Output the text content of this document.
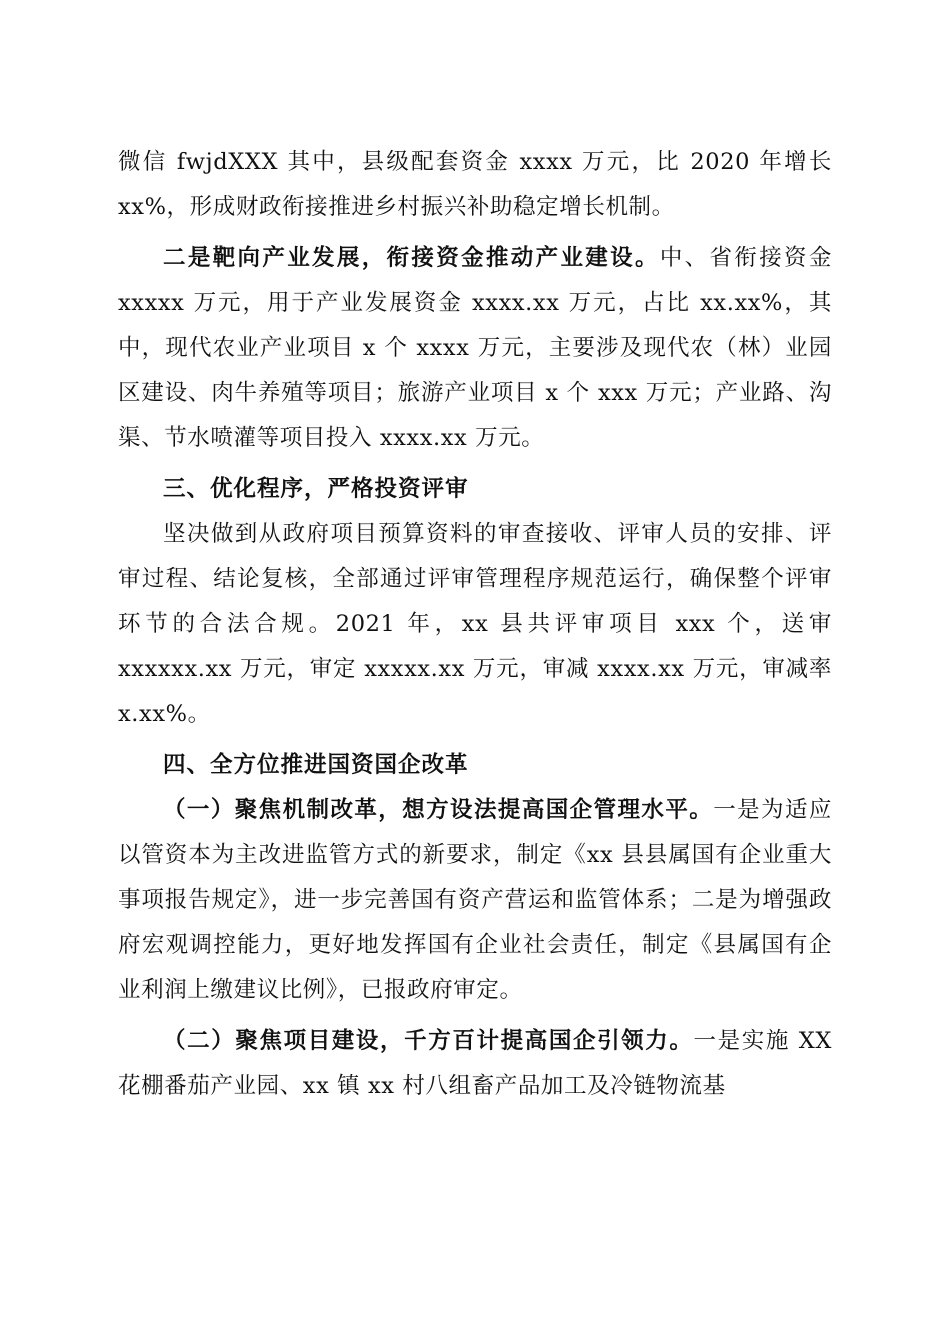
微信 fwjdXXX 其中，县级配套资金 xxxx 万元，比 2020 年增长 xx%，形成财政衔接推进乡村振兴补助稳定增长机制。

二是靶向产业发展，衔接资金推动产业建设。中、省衔接资金 xxxxx 万元，用于产业发展资金 xxxx.xx 万元，占比 xx.xx%，其中，现代农业产业项目 x 个 xxxx 万元，主要涉及现代农（林）业园区建设、肉牛养殖等项目；旅游产业项目 x 个 xxx 万元；产业路、沟渠、节水喷灌等项目投入 xxxx.xx 万元。

三、优化程序，严格投资评审

坚决做到从政府项目预算资料的审查接收、评审人员的安排、评审过程、结论复核，全部通过评审管理程序规范运行，确保整个评审环节的合法合规。2021 年，xx 县共评审项目 xxx 个，送审 xxxxxx.xx 万元，审定 xxxxx.xx 万元，审减 xxxx.xx 万元，审减率 x.xx%。

四、全方位推进国资国企改革

（一）聚焦机制改革，想方设法提高国企管理水平。一是为适应以管资本为主改进监管方式的新要求，制定《xx 县县属国有企业重大事项报告规定》，进一步完善国有资产营运和监管体系；二是为增强政府宏观调控能力，更好地发挥国有企业社会责任，制定《县属国有企业利润上缴建议比例》，已报政府审定。

（二）聚焦项目建设，千方百计提高国企引领力。一是实施 XX 花棚番茄产业园、xx 镇 xx 村八组畜产品加工及冷链物流基
